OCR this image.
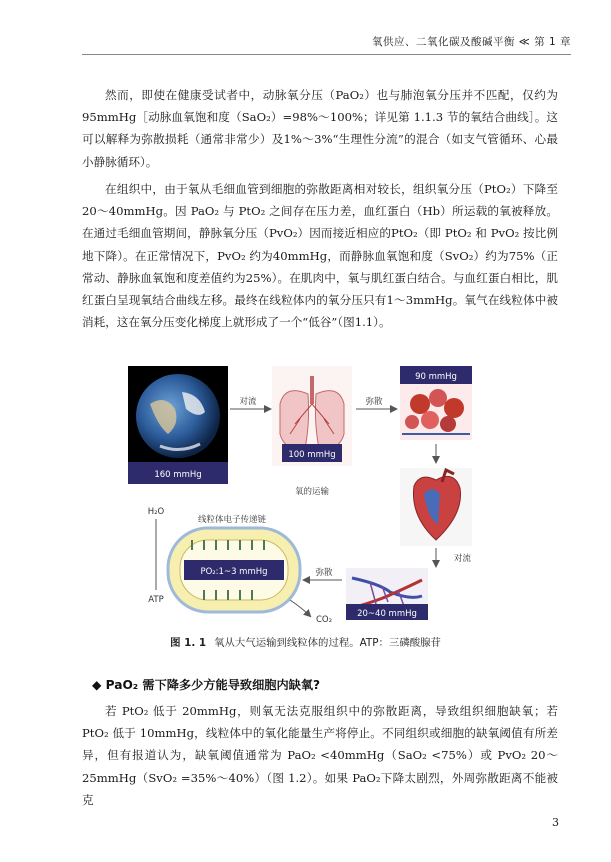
氧供应、二氧化碳及酸碱平衡 ≪ 第 1 章

然而，即使在健康受试者中，动脉氧分压（PaO₂）也与肺泡氧分压并不匹配，仅约为95mmHg［动脉血氧饱和度（SaO₂）=98%～100%；详见第 1.1.3 节的氧结合曲线］。这可以解释为弥散损耗（通常非常少）及1%～3%“生理性分流”的混合（如支气管循环、心最小静脉循环）。

在组织中，由于氧从毛细血管到细胞的弥散距离相对较长，组织氧分压（PtO₂）下降至20～40mmHg。因 PaO₂ 与 PtO₂ 之间存在压力差，血红蛋白（Hb）所运载的氧被释放。在通过毛细血管期间，静脉氧分压（PvO₂）因而接近相应的PtO₂（即 PtO₂ 和 PvO₂ 按比例地下降）。在正常情况下，PvO₂ 约为40mmHg，而静脉血氧饱和度（SvO₂）约为75%（正常动、静脉血氧饱和度差值约为25%）。在肌肉中，氧与肌红蛋白结合。与血红蛋白相比，肌红蛋白呈现氧结合曲线左移。最终在线粒体内的氧分压只有1～3mmHg。氧气在线粒体中被消耗，这在氧分压变化梯度上就形成了一个“低谷”（图1.1）。

160 mmHg
对流
100 mmHg
弥散
90 mmHg
氧的运输
对流
20~40 mmHg
弥散
H₂O
ATP
线粒体电子传递链
PO₂:1~3 mmHg
CO₂
图 1. 1 氧从大气运输到线粒体的过程。ATP：三磷酸腺苷
◆ PaO₂ 需下降多少方能导致细胞内缺氧?

若 PtO₂ 低于 20mmHg，则氧无法克服组织中的弥散距离，导致组织细胞缺氧；若PtO₂ 低于 10mmHg，线粒体中的氧化能量生产将停止。不同组织或细胞的缺氧阈值有所差异，但有报道认为，缺氧阈值通常为 PaO₂ <40mmHg（SaO₂ <75%）或 PvO₂ 20～25mmHg（SvO₂ =35%～40%）（图 1.2）。如果 PaO₂下降太剧烈，外周弥散距离不能被克

3
